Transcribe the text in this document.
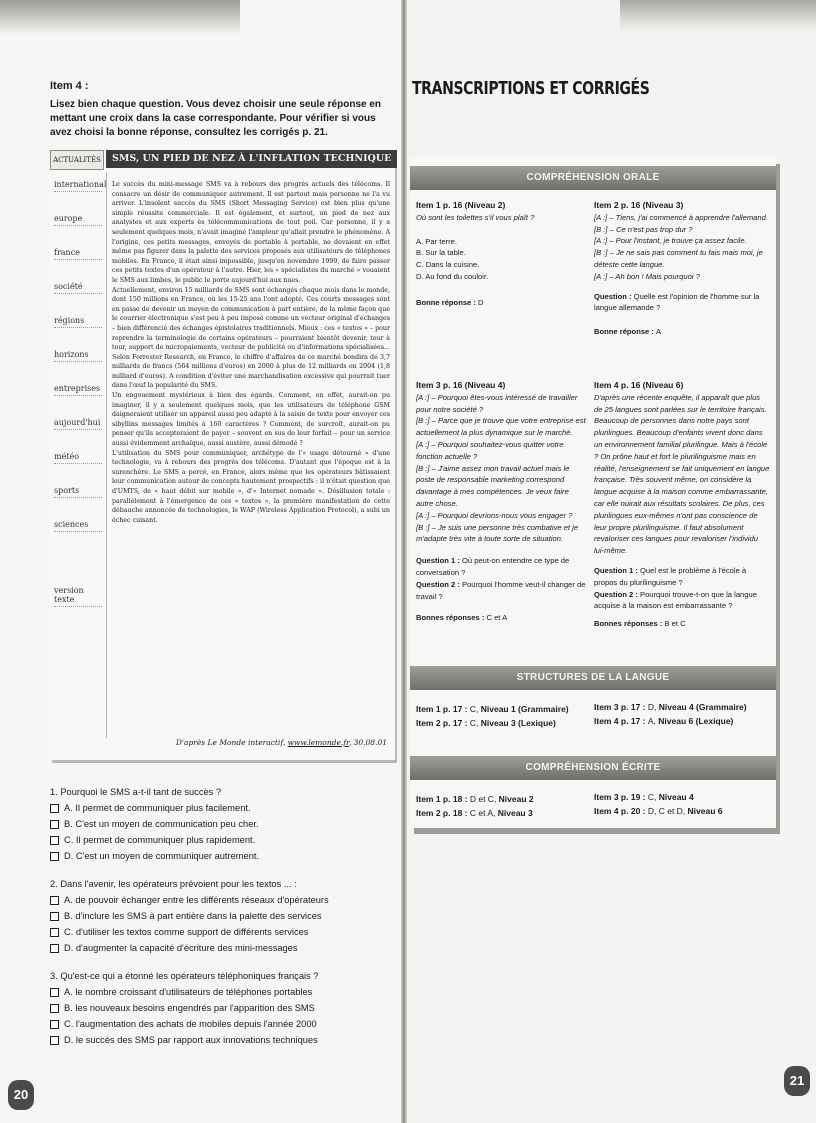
Item 4 :
Lisez bien chaque question. Vous devez choisir une seule réponse en mettant une croix dans la case correspondante. Pour vérifier si vous avez choisi la bonne réponse, consultez les corrigés p. 21.
ACTUALITÉS	SMS, UN PIED DE NEZ À L'INFLATION TECHNIQUE
international
europe
france
société
régions
horizons
entreprises
aujourd'hui
météo
sports
sciences
version texte

Le succès du mini-message SMS va à rebours des progrès actuels des télécoms. Il consacre un désir de communiquer autrement. Il est partout mais personne ne l'a vu arriver. L'insolent succès du SMS (Short Messaging Service) est bien plus qu'une simple réussite commerciale. Il est également, et surtout, un pied de nez aux analystes et aux experts ès télécommunications de tout poil. Car personne, il y a seulement quelques mois, n'avait imaginé l'ampleur qu'allait prendre le phénomène. A l'origine, ces petits messages, envoyés de portable à portable, ne devaient en effet même pas figurer dans la palette des services proposés aux utilisateurs de téléphones mobiles. En France, il était ainsi impossible, jusqu'en novembre 1999, de faire passer ces petits textes d'un opérateur à l'autre. Hier, les « spécialistes du marché » vouaient le SMS aux limbes, le public le porte aujourd'hui aux nues.

Actuellement, environ 15 milliards de SMS sont échangés chaque mois dans le monde, dont 150 millions en France, où les 15-25 ans l'ont adopté. Ces courts messages sont en passe de devenir un moyen de communication à part entière, de la même façon que le courrier électronique s'est peu à peu imposé comme un vecteur original d'échanges – bien différencié des échanges épistolaires traditionnels. Mieux : ces « textos » – pour reprendre la terminologie de certains opérateurs – pourraient bientôt devenir, tour à tour, support de micropaiements, vecteur de publicité ou d'informations spécialisées... Selon Forrester Research, en France, le chiffre d'affaires de ce marché bondira de 3,7 milliards de francs (564 millions d'euros) en 2000 à plus de 12 milliards en 2004 (1,8 milliard d'euros). A condition d'éviter une marchandisation excessive qui pourrait tuer dans l'œuf la popularité du SMS.

Un engouement mystérieux à bien des égards. Comment, en effet, aurait-on pu imaginer, il y a seulement quelques mois, que les utilisateurs de téléphone GSM daigneraient utiliser un appareil aussi peu adapté à la saisie de texte pour envoyer ces sibyllins messages limités à 160 caractères ? Comment, de surcroît, aurait-on pu penser qu'ils accepteraient de payer – souvent en sus de leur forfait – pour un service aussi évidemment archaïque, aussi austère, aussi démodé ?

L'utilisation du SMS pour communiquer, archétype de l'« usage détourné » d'une technologie, va à rebours des progrès des télécoms. D'autant que l'époque est à la surenchère. Le SMS a percé, en France, alors même que les opérateurs bâtissaient leur communication autour de concepts hautement prospectifs : il n'était question que d'UMTS, de « haut débit sur mobile », d'« Internet nomade ». Désillusion totale : parallèlement à l'émergence de ces « textos », la première manifestation de cette débauche annoncée de technologies, le WAP (Wireless Application Protocol), a subi un échec cuisant.

D'après Le Monde interactif, www.lemonde.fr, 30.08.01
1. Pourquoi le SMS a-t-il tant de succès ?
A. Il permet de communiquer plus facilement.
B. C'est un moyen de communication peu cher.
C. Il permet de communiquer plus rapidement.
D. C'est un moyen de communiquer autrement.
2. Dans l'avenir, les opérateurs prévoient pour les textos ... :
A. de pouvoir échanger entre les différents réseaux d'opérateurs
B. d'inclure les SMS à part entière dans la palette des services
C. d'utiliser les textos comme support de différents services
D. d'augmenter la capacité d'écriture des mini-messages
3. Qu'est-ce qui a étonné les opérateurs téléphoniques français ?
A. le nombre croissant d'utilisateurs de téléphones portables
B. les nouveaux besoins engendrés par l'apparition des SMS
C. l'augmentation des achats de mobiles depuis l'année 2000
D. le succès des SMS par rapport aux innovations techniques
20
TRANSCRIPTIONS ET CORRIGÉS
COMPRÉHENSION ORALE
Item 1 p. 16 (Niveau 2)
Où sont les toilettes s'il vous plaît ?
A. Par terre.
B. Sur la table.
C. Dans la cuisine.
D. Au fond du couloir.
Bonne réponse : D
Item 2 p. 16 (Niveau 3)
[A :] – Tiens, j'ai commencé à apprendre l'allemand.
[B :] – Ce n'est pas trop dur ?
[A :] – Pour l'instant, je trouve ça assez facile.
[B :] – Je ne sais pas comment tu fais mais moi, je déteste cette langue.
[A :] – Ah bon ! Mais pourquoi ?
Question : Quelle est l'opinion de l'homme sur la langue allemande ?
Bonne réponse : A
Item 3 p. 16 (Niveau 4)
[A :] – Pourquoi êtes-vous intéressé de travailler pour notre société ?
[B :] – Parce que je trouve que votre entreprise est actuellement la plus dynamique sur le marché.
[A :] – Pourquoi souhaitez-vous quitter votre fonction actuelle ?
[B :] – J'aime assez mon travail actuel mais le poste de responsable marketing correspond davantage à mes compétences. Je veux faire autre chose.
[A :] – Pourquoi devrions-nous vous engager ?
[B :] – Je suis une personne très combative et je m'adapte très vite à toute sorte de situation.
Question 1 : Où peut-on entendre ce type de conversation ?
Question 2 : Pourquoi l'homme veut-il changer de travail ?
Bonnes réponses : C et A
Item 4 p. 16 (Niveau 6)
D'après une récente enquête, il apparaît que plus de 25 langues sont parlées sur le territoire français. Beaucoup de personnes dans notre pays sont plurilingues. Beaucoup d'enfants vivent donc dans un environnement familial plurilingue. Mais à l'école ? On prône haut et fort le plurilinguisme mais en réalité, l'enseignement se fait uniquement en langue française. Très souvent même, on considère la langue acquise à la maison comme embarrassante, car elle nuirait aux résultats scolaires. De plus, ces plurilingues eux-mêmes n'ont pas conscience de leur propre plurilinguisme. Il faut absolument revaloriser ces langues pour revaloriser l'individu lui-même.
Question 1 : Quel est le problème à l'école à propos du plurilinguisme ?
Question 2 : Pourquoi trouve-t-on que la langue acquise à la maison est embarrassante ?
Bonnes réponses : B et C
STRUCTURES DE LA LANGUE
Item 1 p. 17 : C, Niveau 1 (Grammaire)
Item 2 p. 17 : C, Niveau 3 (Lexique)
Item 3 p. 17 : D, Niveau 4 (Grammaire)
Item 4 p. 17 : A, Niveau 6 (Lexique)
COMPRÉHENSION ÉCRITE
Item 1 p. 18 : D et C, Niveau 2
Item 2 p. 18 : C et A, Niveau 3
Item 3 p. 19 : C, Niveau 4
Item 4 p. 20 : D, C et D, Niveau 6
21
